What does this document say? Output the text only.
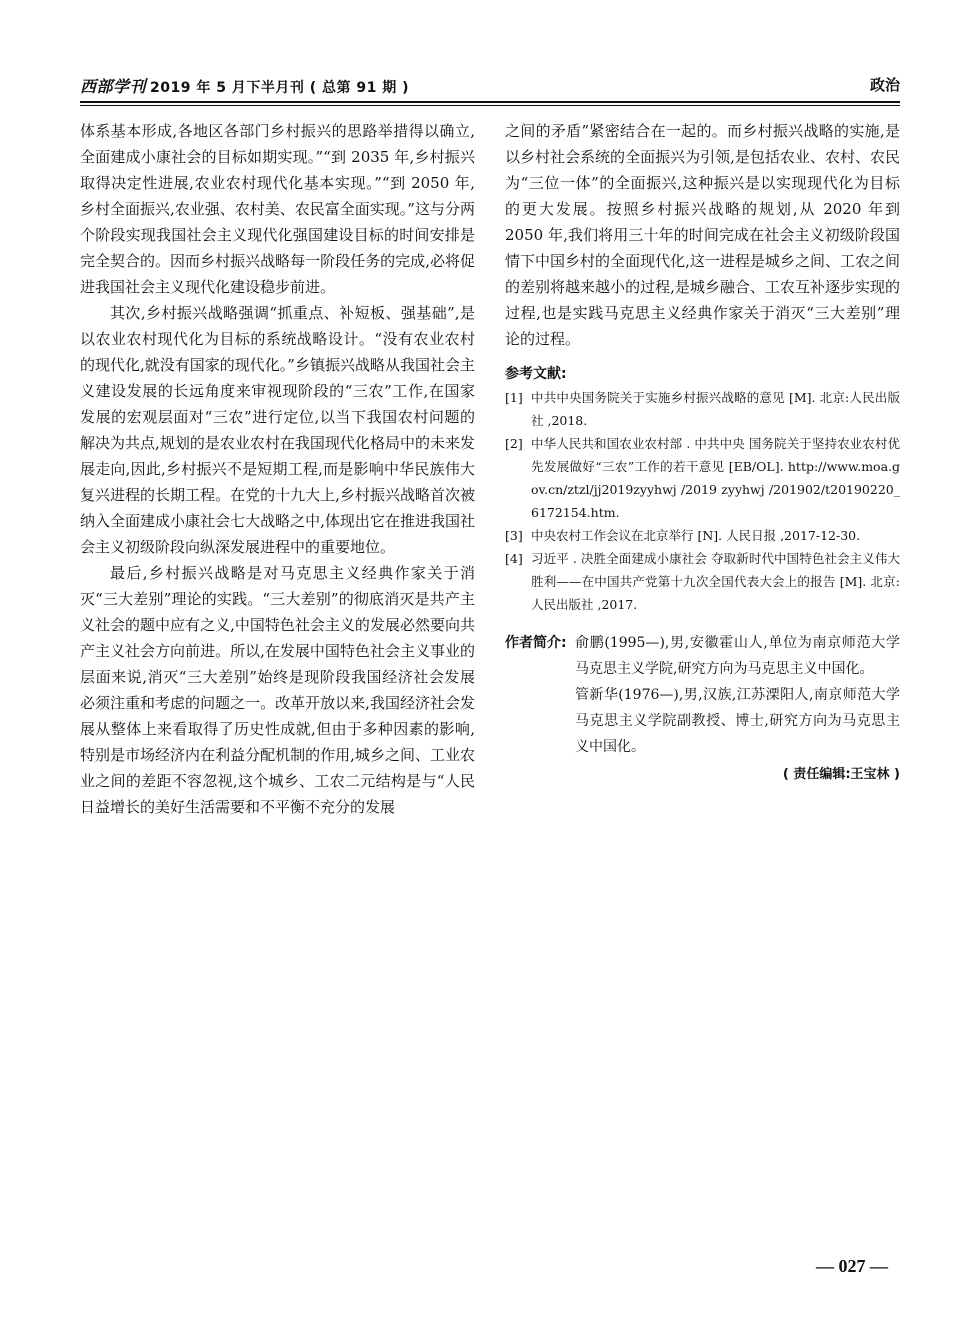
西部学刊 2019 年 5 月下半月刊 ( 总第 91 期 )	政治

体系基本形成,各地区各部门乡村振兴的思路举措得以确立,全面建成小康社会的目标如期实现。”“到 2035 年,乡村振兴取得决定性进展,农业农村现代化基本实现。”“到 2050 年,乡村全面振兴,农业强、农村美、农民富全面实现。”这与分两个阶段实现我国社会主义现代化强国建设目标的时间安排是完全契合的。因而乡村振兴战略每一阶段任务的完成,必将促进我国社会主义现代化建设稳步前进。

其次,乡村振兴战略强调“抓重点、补短板、强基础”,是以农业农村现代化为目标的系统战略设计。“没有农业农村的现代化,就没有国家的现代化。”乡镇振兴战略从我国社会主义建设发展的长远角度来审视现阶段的“三农”工作,在国家发展的宏观层面对“三农”进行定位,以当下我国农村问题的解决为共点,规划的是农业农村在我国现代化格局中的未来发展走向,因此,乡村振兴不是短期工程,而是影响中华民族伟大复兴进程的长期工程。在党的十九大上,乡村振兴战略首次被纳入全面建成小康社会七大战略之中,体现出它在推进我国社会主义初级阶段向纵深发展进程中的重要地位。

最后,乡村振兴战略是对马克思主义经典作家关于消灭“三大差别”理论的实践。“三大差别”的彻底消灭是共产主义社会的题中应有之义,中国特色社会主义的发展必然要向共产主义社会方向前进。所以,在发展中国特色社会主义事业的层面来说,消灭“三大差别”始终是现阶段我国经济社会发展必须注重和考虑的问题之一。改革开放以来,我国经济社会发展从整体上来看取得了历史性成就,但由于多种因素的影响,特别是市场经济内在利益分配机制的作用,城乡之间、工业农业之间的差距不容忽视,这个城乡、工农二元结构是与“人民日益增长的美好生活需要和不平衡不充分的发展

之间的矛盾”紧密结合在一起的。而乡村振兴战略的实施,是以乡村社会系统的全面振兴为引领,是包括农业、农村、农民为“三位一体”的全面振兴,这种振兴是以实现现代化为目标的更大发展。按照乡村振兴战略的规划,从 2020 年到 2050 年,我们将用三十年的时间完成在社会主义初级阶段国情下中国乡村的全面现代化,这一进程是城乡之间、工农之间的差别将越来越小的过程,是城乡融合、工农互补逐步实现的过程,也是实践马克思主义经典作家关于消灭“三大差别”理论的过程。

参考文献:
[1] 中共中央国务院关于实施乡村振兴战略的意见 [M]. 北京:人民出版社 ,2018.
[2] 中华人民共和国农业农村部 . 中共中央 国务院关于坚持农业农村优先发展做好“三农”工作的若干意见 [EB/OL]. http://www.moa.gov.cn/ztzl/jj2019zyyhwj /2019 zyyhwj /201902/t20190220_6172154.htm.
[3] 中央农村工作会议在北京举行 [N]. 人民日报 ,2017-12-30.
[4] 习近平 . 决胜全面建成小康社会 夺取新时代中国特色社会主义伟大胜利——在中国共产党第十九次全国代表大会上的报告 [M]. 北京:人民出版社 ,2017.
作者简介: 俞鹏(1995—),男,安徽霍山人,单位为南京师范大学马克思主义学院,研究方向为马克思主义中国化。

管新华(1976—),男,汉族,江苏溧阳人,南京师范大学马克思主义学院副教授、博士,研究方向为马克思主义中国化。

( 责任编辑:王宝林 )
— 027 —
